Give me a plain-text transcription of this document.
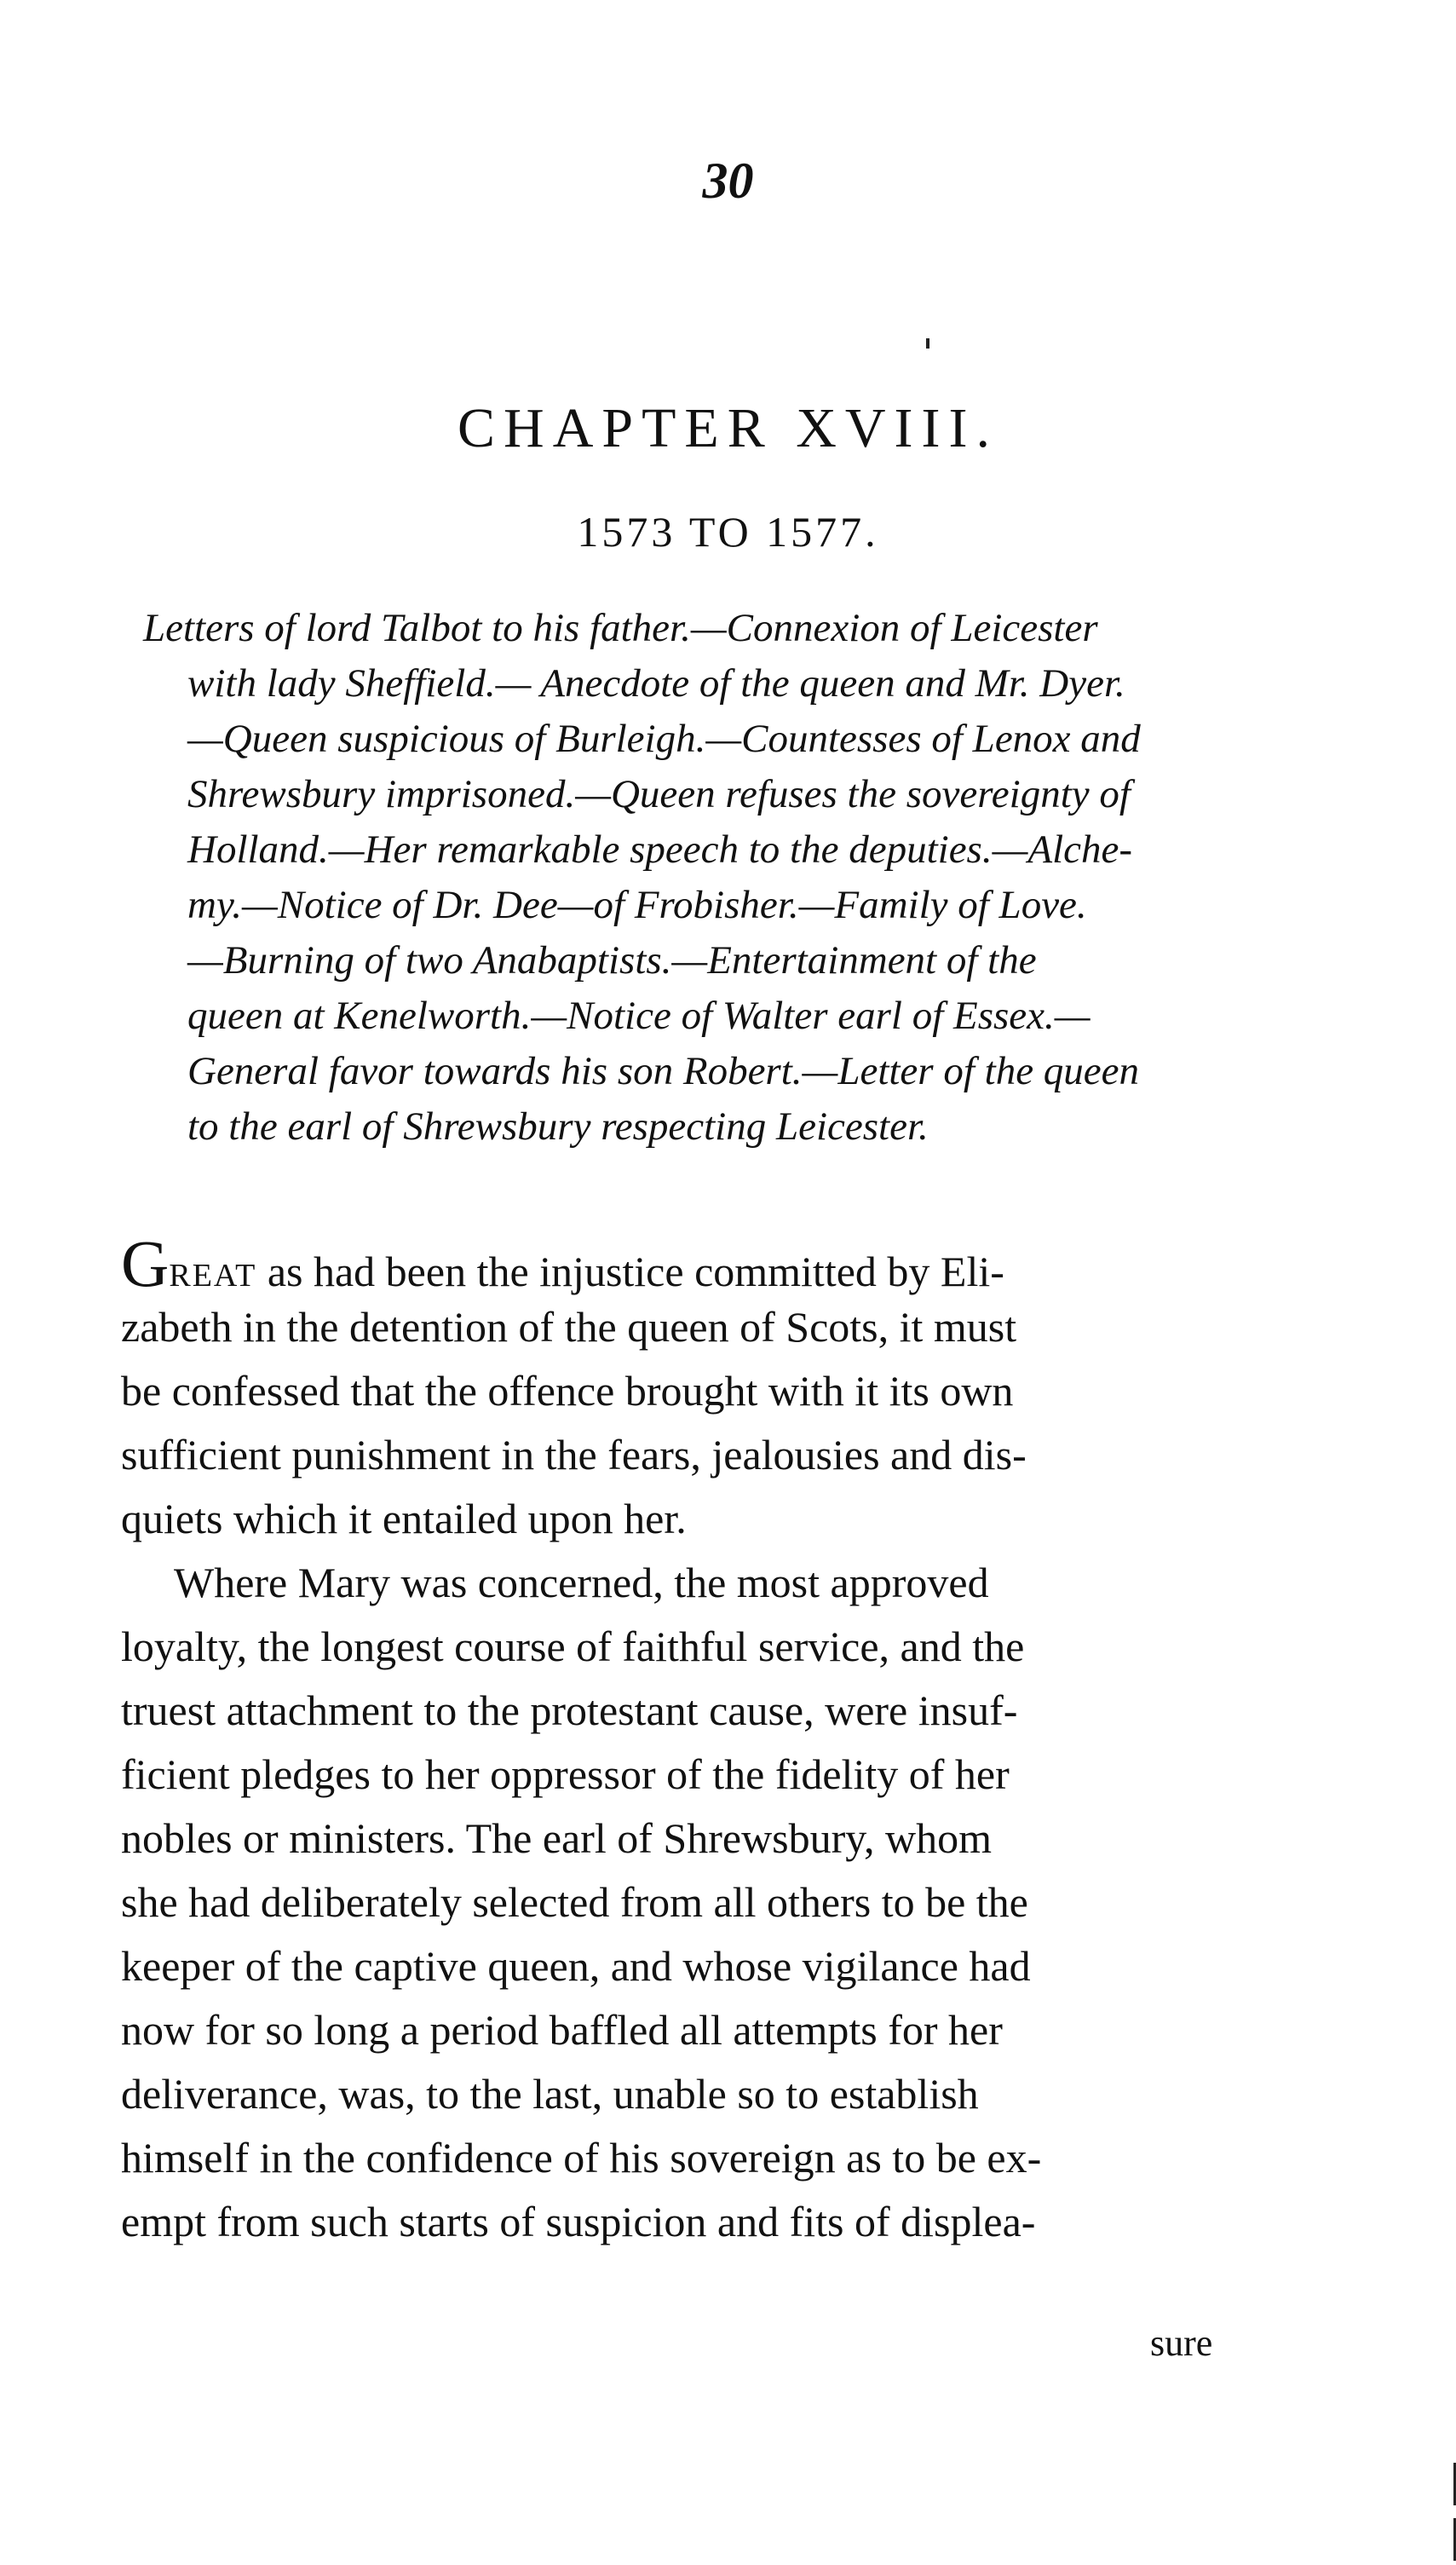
30
CHAPTER XVIII.
1573 TO 1577.
Letters of lord Talbot to his father.—Connexion of Leicester
with lady Sheffield.— Anecdote of the queen and Mr. Dyer.
—Queen suspicious of Burleigh.—Countesses of Lenox and
Shrewsbury imprisoned.—Queen refuses the sovereignty of
Holland.—Her remarkable speech to the deputies.—Alche-
my.—Notice of Dr. Dee—of Frobisher.—Family of Love.
—Burning of two Anabaptists.—Entertainment of the
queen at Kenelworth.—Notice of Walter earl of Essex.—
General favor towards his son Robert.—Letter of the queen
to the earl of Shrewsbury respecting Leicester.
GREAT as had been the injustice committed by Eli-
zabeth in the detention of the queen of Scots, it must
be confessed that the offence brought with it its own
sufficient punishment in the fears, jealousies and dis-
quiets which it entailed upon her.
Where Mary was concerned, the most approved
loyalty, the longest course of faithful service, and the
truest attachment to the protestant cause, were insuf-
ficient pledges to her oppressor of the fidelity of her
nobles or ministers. The earl of Shrewsbury, whom
she had deliberately selected from all others to be the
keeper of the captive queen, and whose vigilance had
now for so long a period baffled all attempts for her
deliverance, was, to the last, unable so to establish
himself in the confidence of his sovereign as to be ex-
empt from such starts of suspicion and fits of displea-
sure
